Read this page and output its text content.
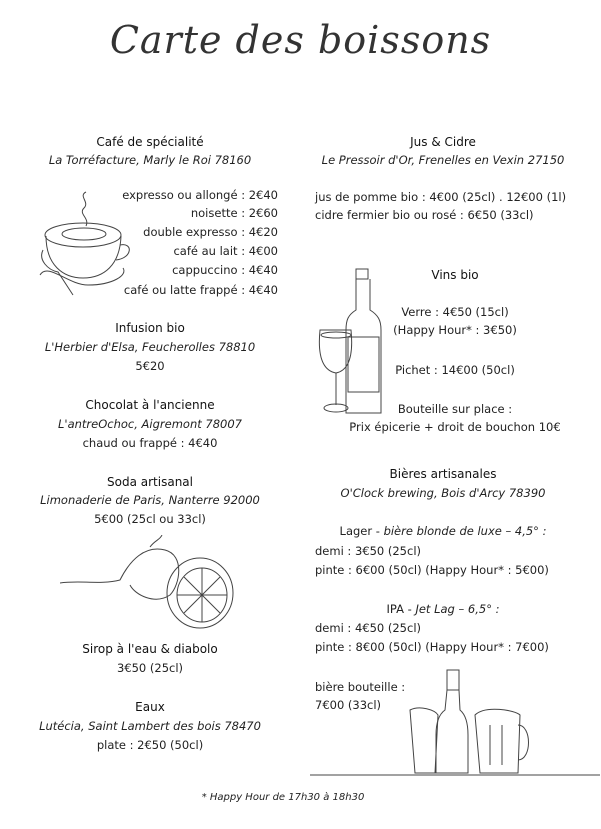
Carte des boissons
Café de spécialité
La Torréfacture, Marly le Roi 78160
expresso ou allongé : 2€40
noisette : 2€60
double expresso : 4€20
café au lait : 4€00
cappuccino : 4€40
café ou latte frappé : 4€40
Infusion bio
L'Herbier d'Elsa, Feucherolles 78810
5€20
Chocolat à l'ancienne
L'antreOchoc, Aigremont 78007
chaud ou frappé : 4€40
Soda artisanal
Limonaderie de Paris, Nanterre 92000
5€00 (25cl ou 33cl)
Sirop à l'eau & diabolo
3€50 (25cl)
Eaux
Lutécia, Saint Lambert des bois 78470
plate : 2€50 (50cl)
Jus & Cidre
Le Pressoir d'Or, Frenelles en Vexin 27150
jus de pomme bio : 4€00 (25cl) . 12€00 (1l)
cidre fermier bio ou rosé : 6€50 (33cl)
Vins bio
Verre : 4€50 (15cl)
(Happy Hour* : 3€50)
Pichet : 14€00 (50cl)
Bouteille sur place :
Prix épicerie + droit de bouchon 10€
Bières artisanales
O'Clock brewing, Bois d'Arcy 78390
Lager - bière blonde de luxe – 4,5° :
demi : 3€50 (25cl)
pinte : 6€00 (50cl) (Happy Hour* : 5€00)
IPA - Jet Lag – 6,5° :
demi : 4€50 (25cl)
pinte : 8€00 (50cl) (Happy Hour* : 7€00)
bière bouteille :
7€00 (33cl)
* Happy Hour de 17h30 à 18h30
